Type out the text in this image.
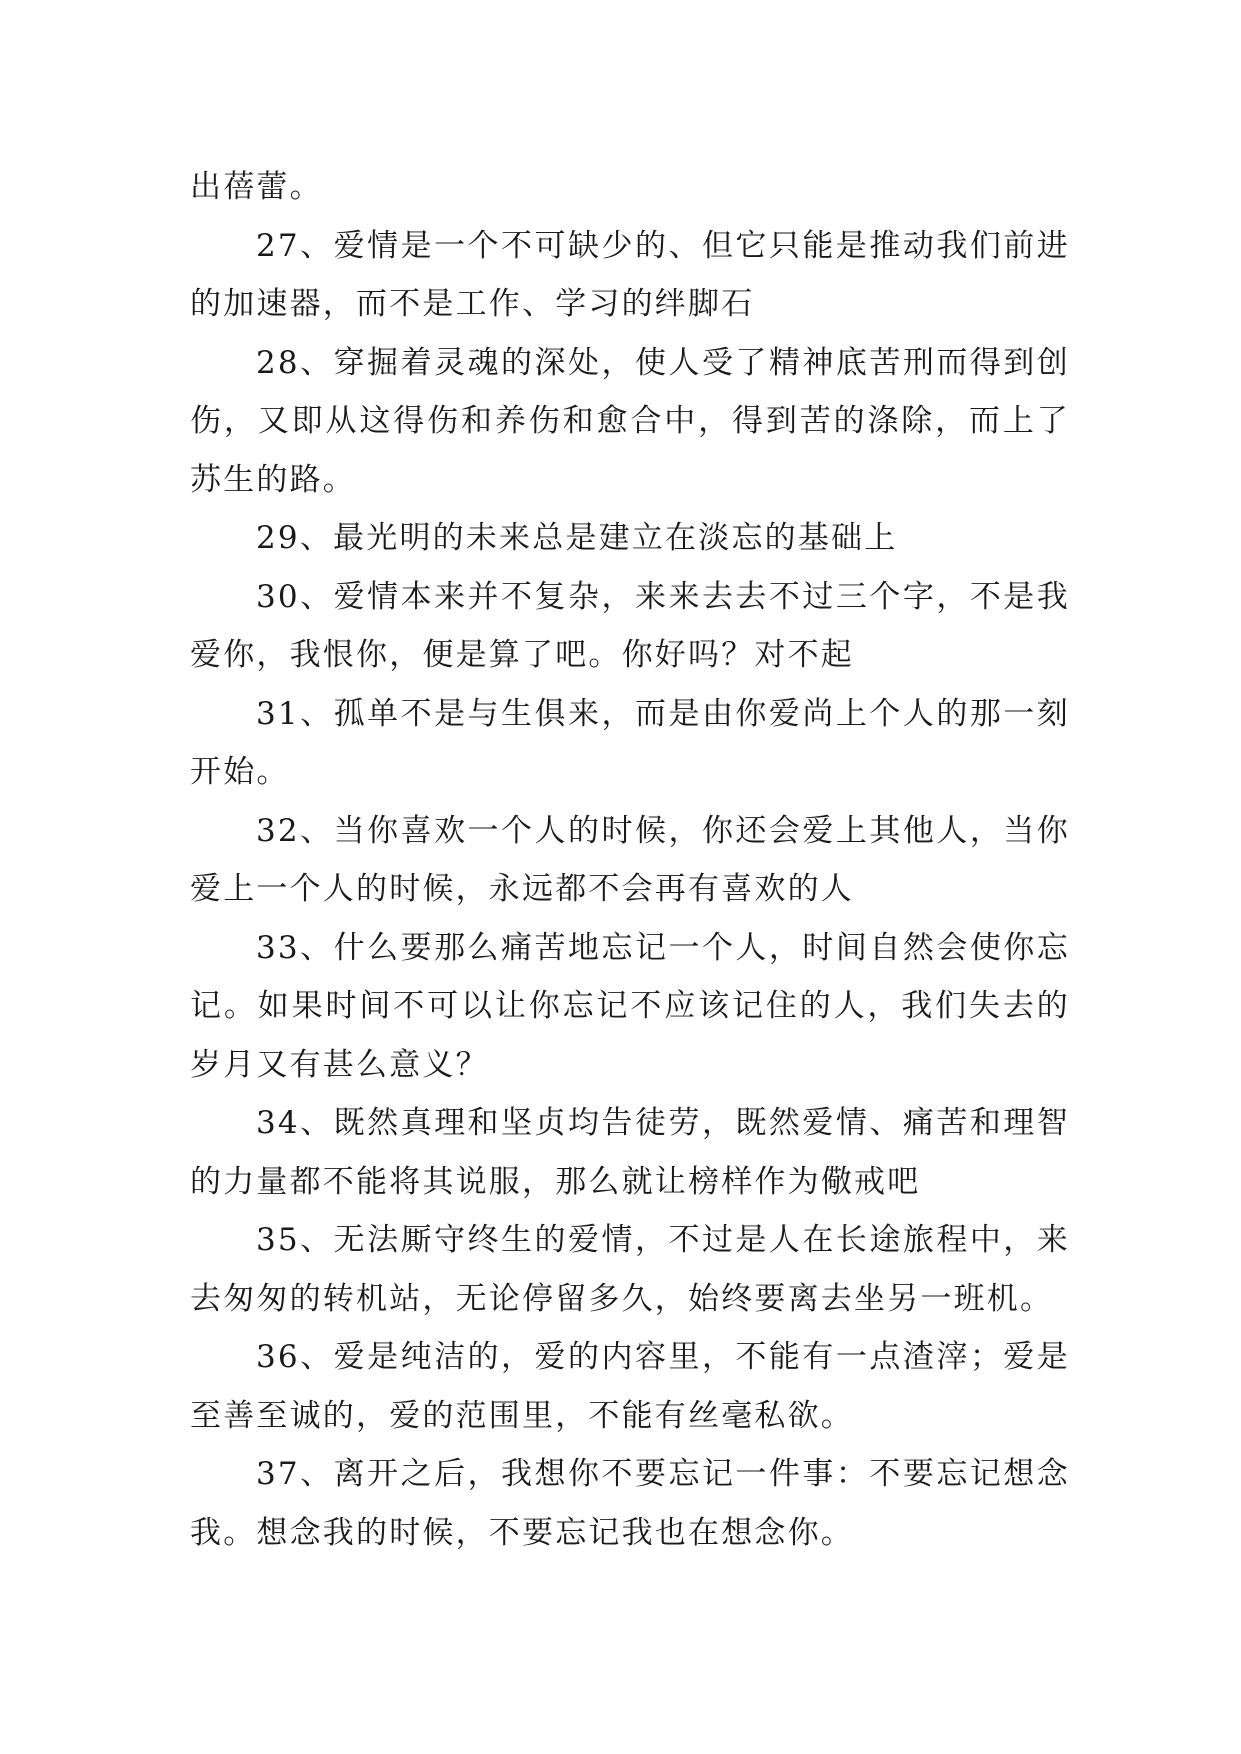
出蓓蕾。

27、爱情是一个不可缺少的、但它只能是推动我们前进的加速器，而不是工作、学习的绊脚石

28、穿掘着灵魂的深处，使人受了精神底苦刑而得到创伤，又即从这得伤和养伤和愈合中，得到苦的涤除，而上了苏生的路。

29、最光明的未来总是建立在淡忘的基础上

30、爱情本来并不复杂，来来去去不过三个字，不是我爱你，我恨你，便是算了吧。你好吗？对不起

31、孤单不是与生俱来，而是由你爱尚上个人的那一刻开始。

32、当你喜欢一个人的时候，你还会爱上其他人，当你爱上一个人的时候，永远都不会再有喜欢的人

33、什么要那么痛苦地忘记一个人，时间自然会使你忘记。如果时间不可以让你忘记不应该记住的人，我们失去的岁月又有甚么意义？

34、既然真理和坚贞均告徒劳，既然爱情、痛苦和理智的力量都不能将其说服，那么就让榜样作为儆戒吧

35、无法厮守终生的爱情，不过是人在长途旅程中，来去匆匆的转机站，无论停留多久，始终要离去坐另一班机。

36、爱是纯洁的，爱的内容里，不能有一点渣滓；爱是至善至诚的，爱的范围里，不能有丝毫私欲。

37、离开之后，我想你不要忘记一件事：不要忘记想念我。想念我的时候，不要忘记我也在想念你。
